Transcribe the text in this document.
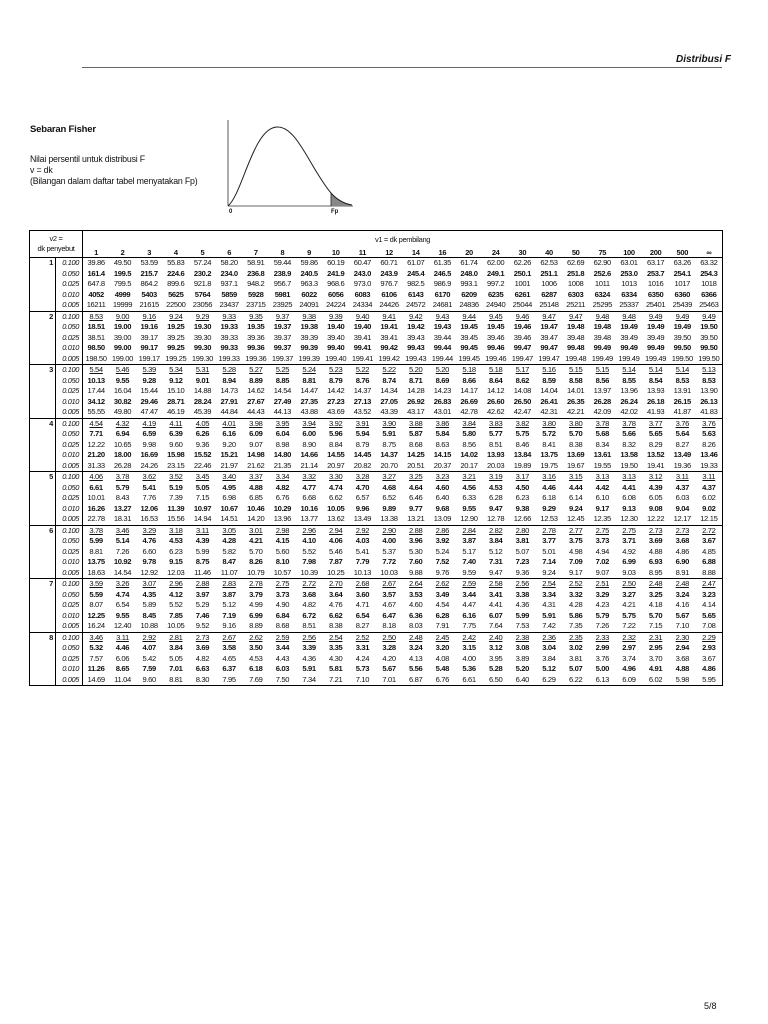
Distribusi F
Sebaran Fisher
Nilai persentil untuk distribusi F
v = dk
(Bilangan dalam daftar tabel menyatakan Fp)
0	Fp
v2 =
dk penyebut		v1 = dk pembilang																							
		1	2	3	4	5	6	7	8	9	10	11	12	14	16	20	24	30	40	50	75	100	200	500	∞
1	0.100	39.86	49.50	53.59	55.83	57.24	58.20	58.91	59.44	59.86	60.19	60.47	60.71	61.07	61.35	61.74	62.00	62.26	62.53	62.69	62.90	63.01	63.17	63.26	63.32
	0.050	161.4	199.5	215.7	224.6	230.2	234.0	236.8	238.9	240.5	241.9	243.0	243.9	245.4	246.5	248.0	249.1	250.1	251.1	251.8	252.6	253.0	253.7	254.1	254.3
	0.025	647.8	799.5	864.2	899.6	921.8	937.1	948.2	956.7	963.3	968.6	973.0	976.7	982.5	986.9	993.1	997.2	1001	1006	1008	1011	1013	1016	1017	1018
	0.010	4052	4999	5403	5625	5764	5859	5928	5981	6022	6056	6083	6106	6143	6170	6209	6235	6261	6287	6303	6324	6334	6350	6360	6366
	0.005	16211	19999	21615	22500	23056	23437	23715	23925	24091	24224	24334	24426	24572	24681	24836	24940	25044	25148	25211	25295	25337	25401	25439	25463
2	0.100	8.53	9.00	9.16	9.24	9.29	9.33	9.35	9.37	9.38	9.39	9.40	9.41	9.42	9.43	9.44	9.45	9.46	9.47	9.47	9.48	9.48	9.49	9.49	9.49
	0.050	18.51	19.00	19.16	19.25	19.30	19.33	19.35	19.37	19.38	19.40	19.40	19.41	19.42	19.43	19.45	19.45	19.46	19.47	19.48	19.48	19.49	19.49	19.49	19.50
	0.025	38.51	39.00	39.17	39.25	39.30	39.33	39.36	39.37	39.39	39.40	39.41	39.41	39.43	39.44	39.45	39.46	39.46	39.47	39.48	39.48	39.49	39.49	39.50	39.50
	0.010	98.50	99.00	99.17	99.25	99.30	99.33	99.36	99.37	99.39	99.40	99.41	99.42	99.43	99.44	99.45	99.46	99.47	99.47	99.48	99.49	99.49	99.49	99.50	99.50
	0.005	198.50	199.00	199.17	199.25	199.30	199.33	199.36	199.37	199.39	199.40	199.41	199.42	199.43	199.44	199.45	199.46	199.47	199.47	199.48	199.49	199.49	199.49	199.50	199.50
3	0.100	5.54	5.46	5.39	5.34	5.31	5.28	5.27	5.25	5.24	5.23	5.22	5.22	5.20	5.20	5.18	5.18	5.17	5.16	5.15	5.15	5.14	5.14	5.14	5.13
	0.050	10.13	9.55	9.28	9.12	9.01	8.94	8.89	8.85	8.81	8.79	8.76	8.74	8.71	8.69	8.66	8.64	8.62	8.59	8.58	8.56	8.55	8.54	8.53	8.53
	0.025	17.44	16.04	15.44	15.10	14.88	14.73	14.62	14.54	14.47	14.42	14.37	14.34	14.28	14.23	14.17	14.12	14.08	14.04	14.01	13.97	13.96	13.93	13.91	13.90
	0.010	34.12	30.82	29.46	28.71	28.24	27.91	27.67	27.49	27.35	27.23	27.13	27.05	26.92	26.83	26.69	26.60	26.50	26.41	26.35	26.28	26.24	26.18	26.15	26.13
	0.005	55.55	49.80	47.47	46.19	45.39	44.84	44.43	44.13	43.88	43.69	43.52	43.39	43.17	43.01	42.78	42.62	42.47	42.31	42.21	42.09	42.02	41.93	41.87	41.83
4	0.100	4.54	4.32	4.19	4.11	4.05	4.01	3.98	3.95	3.94	3.92	3.91	3.90	3.88	3.86	3.84	3.83	3.82	3.80	3.80	3.78	3.78	3.77	3.76	3.76
	0.050	7.71	6.94	6.59	6.39	6.26	6.16	6.09	6.04	6.00	5.96	5.94	5.91	5.87	5.84	5.80	5.77	5.75	5.72	5.70	5.68	5.66	5.65	5.64	5.63
	0.025	12.22	10.65	9.98	9.60	9.36	9.20	9.07	8.98	8.90	8.84	8.79	8.75	8.68	8.63	8.56	8.51	8.46	8.41	8.38	8.34	8.32	8.29	8.27	8.26
	0.010	21.20	18.00	16.69	15.98	15.52	15.21	14.98	14.80	14.66	14.55	14.45	14.37	14.25	14.15	14.02	13.93	13.84	13.75	13.69	13.61	13.58	13.52	13.49	13.46
	0.005	31.33	26.28	24.26	23.15	22.46	21.97	21.62	21.35	21.14	20.97	20.82	20.70	20.51	20.37	20.17	20.03	19.89	19.75	19.67	19.55	19.50	19.41	19.36	19.33
5	0.100	4.06	3.78	3.62	3.52	3.45	3.40	3.37	3.34	3.32	3.30	3.28	3.27	3.25	3.23	3.21	3.19	3.17	3.16	3.15	3.13	3.13	3.12	3.11	3.11
	0.050	6.61	5.79	5.41	5.19	5.05	4.95	4.88	4.82	4.77	4.74	4.70	4.68	4.64	4.60	4.56	4.53	4.50	4.46	4.44	4.42	4.41	4.39	4.37	4.37
	0.025	10.01	8.43	7.76	7.39	7.15	6.98	6.85	6.76	6.68	6.62	6.57	6.52	6.46	6.40	6.33	6.28	6.23	6.18	6.14	6.10	6.08	6.05	6.03	6.02
	0.010	16.26	13.27	12.06	11.39	10.97	10.67	10.46	10.29	10.16	10.05	9.96	9.89	9.77	9.68	9.55	9.47	9.38	9.29	9.24	9.17	9.13	9.08	9.04	9.02
	0.005	22.78	18.31	16.53	15.56	14.94	14.51	14.20	13.96	13.77	13.62	13.49	13.38	13.21	13.09	12.90	12.78	12.66	12.53	12.45	12.35	12.30	12.22	12.17	12.15
6	0.100	3.78	3.46	3.29	3.18	3.11	3.05	3.01	2.98	2.96	2.94	2.92	2.90	2.88	2.86	2.84	2.82	2.80	2.78	2.77	2.75	2.75	2.73	2.73	2.72
	0.050	5.99	5.14	4.76	4.53	4.39	4.28	4.21	4.15	4.10	4.06	4.03	4.00	3.96	3.92	3.87	3.84	3.81	3.77	3.75	3.73	3.71	3.69	3.68	3.67
	0.025	8.81	7.26	6.60	6.23	5.99	5.82	5.70	5.60	5.52	5.46	5.41	5.37	5.30	5.24	5.17	5.12	5.07	5.01	4.98	4.94	4.92	4.88	4.86	4.85
	0.010	13.75	10.92	9.78	9.15	8.75	8.47	8.26	8.10	7.98	7.87	7.79	7.72	7.60	7.52	7.40	7.31	7.23	7.14	7.09	7.02	6.99	6.93	6.90	6.88
	0.005	18.63	14.54	12.92	12.03	11.46	11.07	10.79	10.57	10.39	10.25	10.13	10.03	9.88	9.76	9.59	9.47	9.36	9.24	9.17	9.07	9.03	8.95	8.91	8.88
7	0.100	3.59	3.26	3.07	2.96	2.88	2.83	2.78	2.75	2.72	2.70	2.68	2.67	2.64	2.62	2.59	2.58	2.56	2.54	2.52	2.51	2.50	2.48	2.48	2.47
	0.050	5.59	4.74	4.35	4.12	3.97	3.87	3.79	3.73	3.68	3.64	3.60	3.57	3.53	3.49	3.44	3.41	3.38	3.34	3.32	3.29	3.27	3.25	3.24	3.23
	0.025	8.07	6.54	5.89	5.52	5.29	5.12	4.99	4.90	4.82	4.76	4.71	4.67	4.60	4.54	4.47	4.41	4.36	4.31	4.28	4.23	4.21	4.18	4.16	4.14
	0.010	12.25	9.55	8.45	7.85	7.46	7.19	6.99	6.84	6.72	6.62	6.54	6.47	6.36	6.28	6.16	6.07	5.99	5.91	5.86	5.79	5.75	5.70	5.67	5.65
	0.005	16.24	12.40	10.88	10.05	9.52	9.16	8.89	8.68	8.51	8.38	8.27	8.18	8.03	7.91	7.75	7.64	7.53	7.42	7.35	7.26	7.22	7.15	7.10	7.08
8	0.100	3.46	3.11	2.92	2.81	2.73	2.67	2.62	2.59	2.56	2.54	2.52	2.50	2.48	2.45	2.42	2.40	2.38	2.36	2.35	2.33	2.32	2.31	2.30	2.29
	0.050	5.32	4.46	4.07	3.84	3.69	3.58	3.50	3.44	3.39	3.35	3.31	3.28	3.24	3.20	3.15	3.12	3.08	3.04	3.02	2.99	2.97	2.95	2.94	2.93
	0.025	7.57	6.06	5.42	5.05	4.82	4.65	4.53	4.43	4.36	4.30	4.24	4.20	4.13	4.08	4.00	3.95	3.89	3.84	3.81	3.76	3.74	3.70	3.68	3.67
	0.010	11.26	8.65	7.59	7.01	6.63	6.37	6.18	6.03	5.91	5.81	5.73	5.67	5.56	5.48	5.36	5.28	5.20	5.12	5.07	5.00	4.96	4.91	4.88	4.86
	0.005	14.69	11.04	9.60	8.81	8.30	7.95	7.69	7.50	7.34	7.21	7.10	7.01	6.87	6.76	6.61	6.50	6.40	6.29	6.22	6.13	6.09	6.02	5.98	5.95
5/8
